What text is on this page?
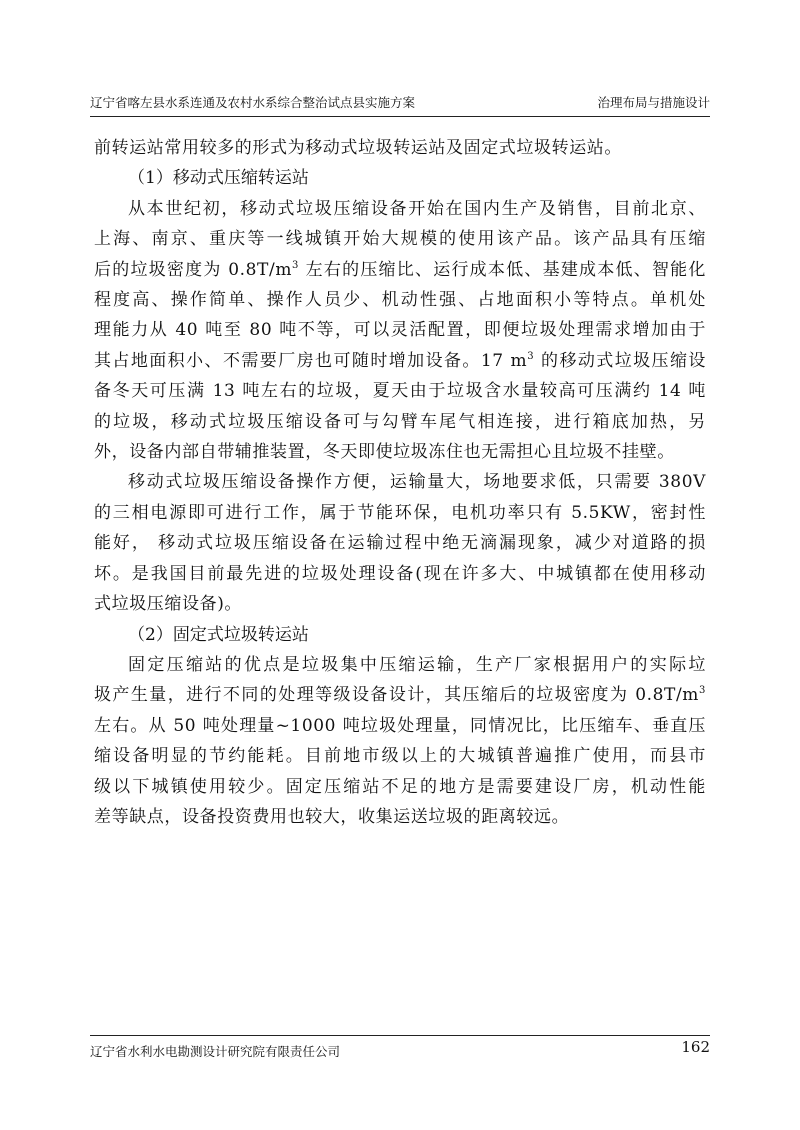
辽宁省喀左县水系连通及农村水系综合整治试点县实施方案	治理布局与措施设计

前转运站常用较多的形式为移动式垃圾转运站及固定式垃圾转运站。

（1）移动式压缩转运站

从本世纪初，移动式垃圾压缩设备开始在国内生产及销售，目前北京、
上海、南京、重庆等一线城镇开始大规模的使用该产品。该产品具有压缩
后的垃圾密度为 $0.8T/m^3$ 左右的压缩比、运行成本低、基建成本低、智能化
程度高、操作简单、操作人员少、机动性强、占地面积小等特点。单机处
理能力从 40 吨至 80 吨不等，可以灵活配置，即便垃圾处理需求增加由于
其占地面积小、不需要厂房也可随时增加设备。17 $m^3$ 的移动式垃圾压缩设
备冬天可压满 13 吨左右的垃圾，夏天由于垃圾含水量较高可压满约 14 吨
的垃圾，移动式垃圾压缩设备可与勾臂车尾气相连接，进行箱底加热，另
外，设备内部自带辅推装置，冬天即使垃圾冻住也无需担心且垃圾不挂壁。

移动式垃圾压缩设备操作方便，运输量大，场地要求低，只需要 380V
的三相电源即可进行工作，属于节能环保，电机功率只有 5.5KW，密封性
能好， 移动式垃圾压缩设备在运输过程中绝无滴漏现象，减少对道路的损
坏。是我国目前最先进的垃圾处理设备(现在许多大、中城镇都在使用移动
式垃圾压缩设备)。

（2）固定式垃圾转运站

固定压缩站的优点是垃圾集中压缩运输，生产厂家根据用户的实际垃
圾产生量，进行不同的处理等级设备设计，其压缩后的垃圾密度为 $0.8T/m^3$
左右。从 50 吨处理量~1000 吨垃圾处理量，同情况比，比压缩车、垂直压
缩设备明显的节约能耗。目前地市级以上的大城镇普遍推广使用，而县市
级以下城镇使用较少。固定压缩站不足的地方是需要建设厂房，机动性能
差等缺点，设备投资费用也较大，收集运送垃圾的距离较远。

辽宁省水利水电勘测设计研究院有限责任公司	162
